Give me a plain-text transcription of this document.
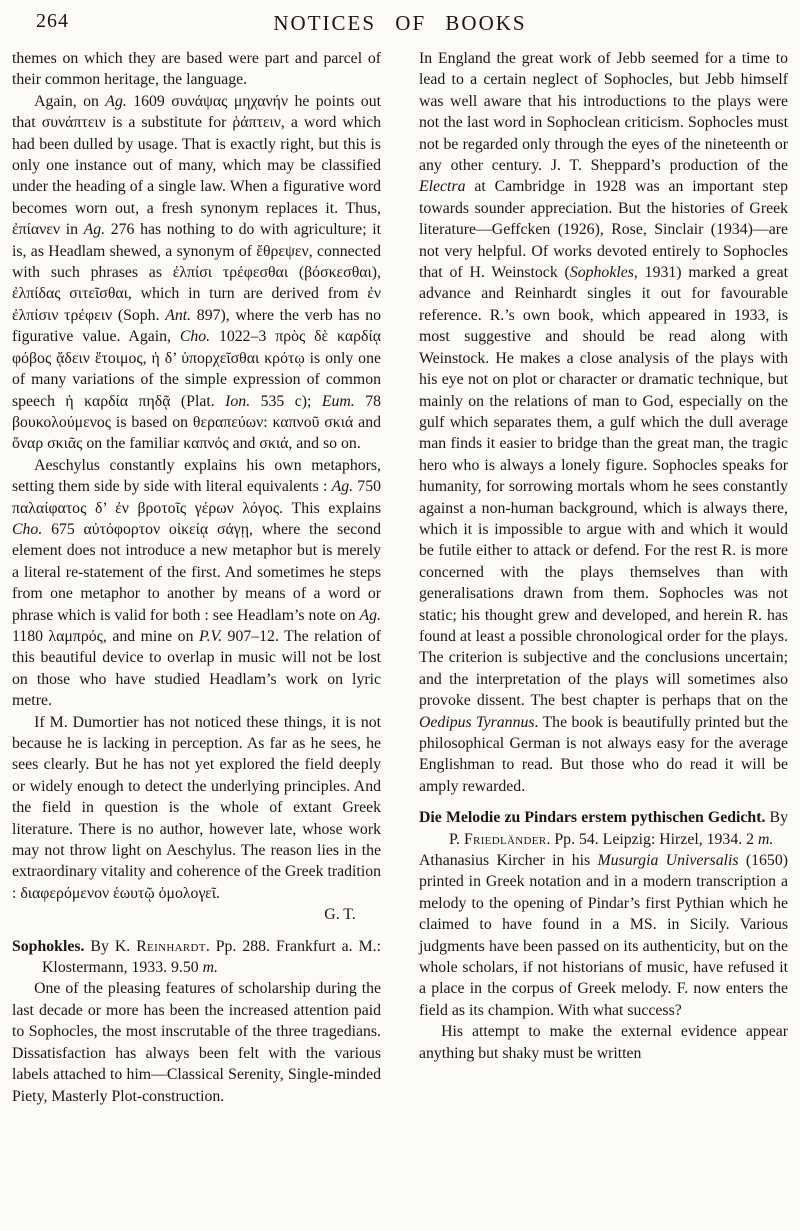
264	NOTICES OF BOOKS

themes on which they are based were part and parcel of their common heritage, the language.

Again, on Ag. 1609 συνάψας μηχανήν he points out that συνάπτειν is a substitute for ῥάπτειν, a word which had been dulled by usage. That is exactly right, but this is only one instance out of many, which may be classified under the heading of a single law. When a figurative word becomes worn out, a fresh synonym replaces it. Thus, ἐπίανεν in Ag. 276 has nothing to do with agriculture; it is, as Headlam shewed, a synonym of ἔθρεψεν, connected with such phrases as ἐλπίσι τρέφεσθαι (βόσκεσθαι), ἐλπίδας σιτεῖσθαι, which in turn are derived from ἐν ἐλπίσιν τρέφειν (Soph. Ant. 897), where the verb has no figurative value. Again, Cho. 1022–3 πρὸς δὲ καρδίᾳ φόβος ᾄδειν ἕτοιμος, ἡ δ’ ὑπορχεῖσθαι κρότῳ is only one of many variations of the simple expression of common speech ἡ καρδία πηδᾷ (Plat. Ion. 535 c); Eum. 78 βουκολούμενος is based on θεραπεύων: καπνοῦ σκιά and ὄναρ σκιᾶς on the familiar καπνός and σκιά, and so on.

Aeschylus constantly explains his own metaphors, setting them side by side with literal equivalents : Ag. 750 παλαίφατος δ’ ἐν βροτοῖς γέρων λόγος. This explains Cho. 675 αὐτόφορτον οἰκείᾳ σάγῃ, where the second element does not introduce a new metaphor but is merely a literal re-statement of the first. And sometimes he steps from one metaphor to another by means of a word or phrase which is valid for both : see Headlam’s note on Ag. 1180 λαμπρός, and mine on P.V. 907–12. The relation of this beautiful device to overlap in music will not be lost on those who have studied Headlam’s work on lyric metre.

If M. Dumortier has not noticed these things, it is not because he is lacking in perception. As far as he sees, he sees clearly. But he has not yet explored the field deeply or widely enough to detect the underlying principles. And the field in question is the whole of extant Greek literature. There is no author, however late, whose work may not throw light on Aeschylus. The reason lies in the extraordinary vitality and coherence of the Greek tradition : διαφερόμενον ἑωυτῷ ὁμολογεῖ.

G. T.

Sophokles. By K. Reinhardt. Pp. 288. Frankfurt a. M.: Klostermann, 1933. 9.50 m.

One of the pleasing features of scholarship during the last decade or more has been the increased attention paid to Sophocles, the most inscrutable of the three tragedians. Dissatisfaction has always been felt with the various labels attached to him—Classical Serenity, Single-minded Piety, Masterly Plot-construction.

In England the great work of Jebb seemed for a time to lead to a certain neglect of Sophocles, but Jebb himself was well aware that his introductions to the plays were not the last word in Sophoclean criticism. Sophocles must not be regarded only through the eyes of the nineteenth or any other century. J. T. Sheppard’s production of the Electra at Cambridge in 1928 was an important step towards sounder appreciation. But the histories of Greek literature—Geffcken (1926), Rose, Sinclair (1934)—are not very helpful. Of works devoted entirely to Sophocles that of H. Weinstock (Sophokles, 1931) marked a great advance and Reinhardt singles it out for favourable reference. R.’s own book, which appeared in 1933, is most suggestive and should be read along with Weinstock. He makes a close analysis of the plays with his eye not on plot or character or dramatic technique, but mainly on the relations of man to God, especially on the gulf which separates them, a gulf which the dull average man finds it easier to bridge than the great man, the tragic hero who is always a lonely figure. Sophocles speaks for humanity, for sorrowing mortals whom he sees constantly against a non-human background, which is always there, which it is impossible to argue with and which it would be futile either to attack or defend. For the rest R. is more concerned with the plays themselves than with generalisations drawn from them. Sophocles was not static; his thought grew and developed, and herein R. has found at least a possible chronological order for the plays. The criterion is subjective and the conclusions uncertain; and the interpretation of the plays will sometimes also provoke dissent. The best chapter is perhaps that on the Oedipus Tyrannus. The book is beautifully printed but the philosophical German is not always easy for the average Englishman to read. But those who do read it will be amply rewarded.

Die Melodie zu Pindars erstem pythischen Gedicht. By P. Friedländer. Pp. 54. Leipzig: Hirzel, 1934. 2 m.

Athanasius Kircher in his Musurgia Universalis (1650) printed in Greek notation and in a modern transcription a melody to the opening of Pindar’s first Pythian which he claimed to have found in a MS. in Sicily. Various judgments have been passed on its authenticity, but on the whole scholars, if not historians of music, have refused it a place in the corpus of Greek melody. F. now enters the field as its champion. With what success?

His attempt to make the external evidence appear anything but shaky must be written
